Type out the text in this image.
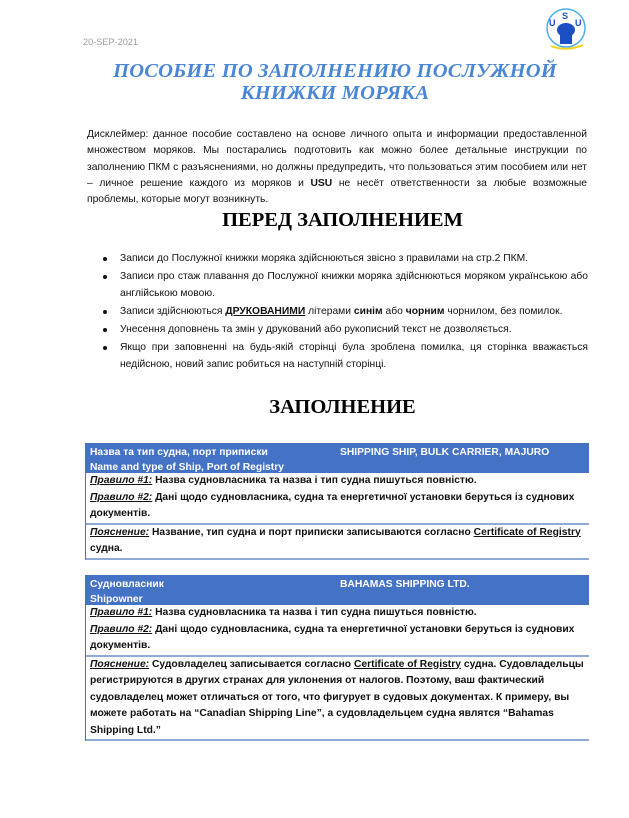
20-SEP-2021
U
S
U
ПОСОБИЕ ПО ЗАПОЛНЕНИЮ ПОСЛУЖНОЙ
КНИЖКИ МОРЯКА
Дисклеймер: данное пособие составлено на основе личного опыта и информации предоставленной множеством моряков. Мы постарались подготовить как можно более детальные инструкции по заполнению ПКМ с разъяснениями, но должны предупредить, что пользоваться этим пособием или нет – личное решение каждого из моряков и USU не несёт ответственности за любые возможные проблемы, которые могут возникнуть.
ПЕРЕД ЗАПОЛНЕНИЕМ
Записи до Послужної книжки моряка здійснюються звісно з правилами на стр.2 ПКМ.
Записи про стаж плавання до Послужної книжки моряка здійснюються моряком українською або англійською мовою.
Записи здійснюються ДРУКОВАНИМИ літерами синім або чорним чорнилом, без помилок.
Унесення доповнень та змін у друкований або рукописний текст не дозволяється.
Якщо при заповненні на будь-якій сторінці була зроблена помилка, ця сторінка вважається недійсною, новий запис робиться на наступній сторінці.
ЗАПОЛНЕНИЕ
Назва та тип судна, порт приписки
Name and type of Ship, Port of Registry
SHIPPING SHIP, BULK CARRIER, MAJURO
Правило #1: Назва судновласника та назва і тип судна пишуться повністю.
Правило #2: Дані щодо судновласника, судна та енергетичної установки беруться із суднових документів.
Пояснение: Название, тип судна и порт приписки записываются согласно Certificate of Registry судна.
Судновласник
Shipowner
BAHAMAS SHIPPING LTD.
Правило #1: Назва судновласника та назва і тип судна пишуться повністю.
Правило #2: Дані щодо судновласника, судна та енергетичної установки беруться із суднових документів.
Пояснение: Судовладелец записывается согласно Certificate of Registry судна. Судовладельцы регистрируются в других странах для уклонения от налогов. Поэтому, ваш фактический судовладелец может отличаться от того, что фигурует в судовых документах. К примеру, вы можете работать на “Canadian Shipping Line”, а судовладельцем судна являтся “Bahamas Shipping Ltd.”
